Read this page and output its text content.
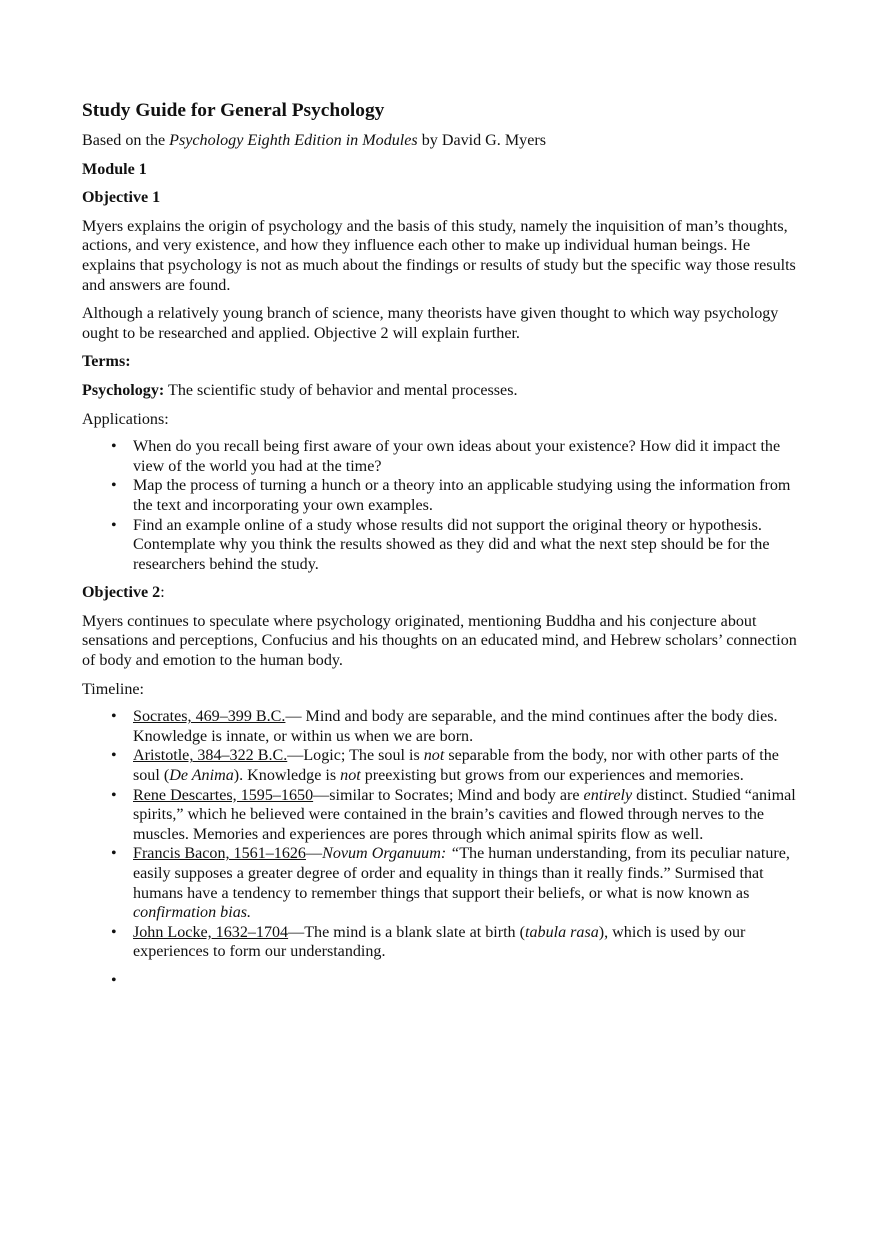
Study Guide for General Psychology

Based on the Psychology Eighth Edition in Modules by David G. Myers

Module 1
Objective 1

Myers explains the origin of psychology and the basis of this study, namely the inquisition of man’s thoughts, actions, and very existence, and how they influence each other to make up individual human beings. He explains that psychology is not as much about the findings or results of study but the specific way those results and answers are found.

Although a relatively young branch of science, many theorists have given thought to which way psychology ought to be researched and applied. Objective 2 will explain further.

Terms:

Psychology: The scientific study of behavior and mental processes.

Applications:

• When do you recall being first aware of your own ideas about your existence? How did it impact the view of the world you had at the time?
• Map the process of turning a hunch or a theory into an applicable studying using the information from the text and incorporating your own examples.
• Find an example online of a study whose results did not support the original theory or hypothesis. Contemplate why you think the results showed as they did and what the next step should be for the researchers behind the study.
Objective 2:

Myers continues to speculate where psychology originated, mentioning Buddha and his conjecture about sensations and perceptions, Confucius and his thoughts on an educated mind, and Hebrew scholars’ connection of body and emotion to the human body.

Timeline:

• Socrates, 469–399 B.C.— Mind and body are separable, and the mind continues after the body dies. Knowledge is innate, or within us when we are born.
• Aristotle, 384–322 B.C.—Logic; The soul is not separable from the body, nor with other parts of the soul (De Anima). Knowledge is not preexisting but grows from our experiences and memories.
• Rene Descartes, 1595–1650—similar to Socrates; Mind and body are entirely distinct. Studied “animal spirits,” which he believed were contained in the brain’s cavities and flowed through nerves to the muscles. Memories and experiences are pores through which animal spirits flow as well.
• Francis Bacon, 1561–1626—Novum Organuum: “The human understanding, from its peculiar nature, easily supposes a greater degree of order and equality in things than it really finds.” Surmised that humans have a tendency to remember things that support their beliefs, or what is now known as confirmation bias.
• John Locke, 1632–1704—The mind is a blank slate at birth (tabula rasa), which is used by our experiences to form our understanding.
•
